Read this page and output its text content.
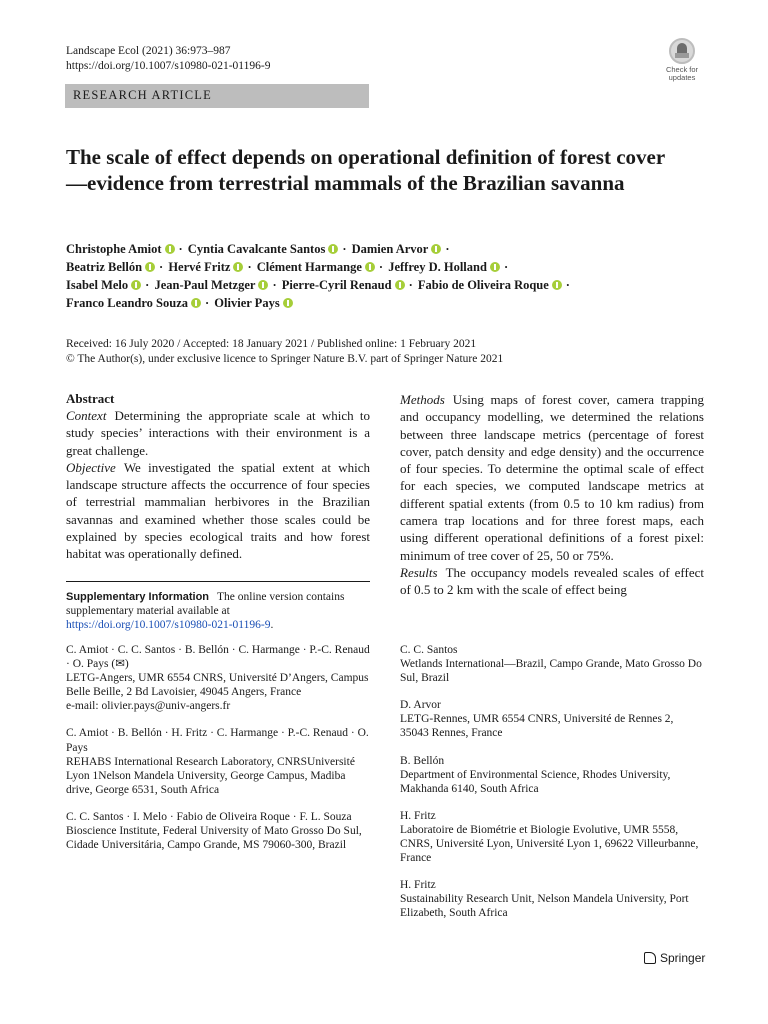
Landscape Ecol (2021) 36:973–987
https://doi.org/10.1007/s10980-021-01196-9	Check for updates
RESEARCH ARTICLE
The scale of effect depends on operational definition of forest cover—evidence from terrestrial mammals of the Brazilian savanna
Christophe Amiot · Cyntia Cavalcante Santos · Damien Arvor ·
Beatriz Bellón · Hervé Fritz · Clément Harmange · Jeffrey D. Holland ·
Isabel Melo · Jean-Paul Metzger · Pierre-Cyril Renaud · Fabio de Oliveira Roque ·
Franco Leandro Souza · Olivier Pays
Received: 16 July 2020 / Accepted: 18 January 2021 / Published online: 1 February 2021
© The Author(s), under exclusive licence to Springer Nature B.V. part of Springer Nature 2021
Abstract

Context Determining the appropriate scale at which to study species’ interactions with their environment is a great challenge.

Objective We investigated the spatial extent at which landscape structure affects the occurrence of four species of terrestrial mammalian herbivores in the Brazilian savannas and examined whether those scales could be explained by species ecological traits and how forest habitat was operationally defined.

Methods Using maps of forest cover, camera trapping and occupancy modelling, we determined the relations between three landscape metrics (percentage of forest cover, patch density and edge density) and the occurrence of four species. To determine the optimal scale of effect for each species, we computed landscape metrics at different spatial extents (from 0.5 to 10 km radius) from camera trap locations and for three forest maps, each using different operational definitions of a forest pixel: minimum of tree cover of 25, 50 or 75%.

Results The occupancy models revealed scales of effect of 0.5 to 2 km with the scale of effect being

Supplementary Information The online version contains supplementary material available at https://doi.org/10.1007/s10980-021-01196-9.
C. Amiot · C. C. Santos · B. Bellón · C. Harmange · P.-C. Renaud · O. Pays (✉)
LETG-Angers, UMR 6554 CNRS, Université D’Angers, Campus Belle Beille, 2 Bd Lavoisier, 49045 Angers, France
e-mail: olivier.pays@univ-angers.fr
C. Amiot · B. Bellón · H. Fritz · C. Harmange · P.-C. Renaud · O. Pays
REHABS International Research Laboratory, CNRSUniversité Lyon 1Nelson Mandela University, George Campus, Madiba drive, George 6531, South Africa
C. C. Santos · I. Melo · Fabio de Oliveira Roque · F. L. Souza
Bioscience Institute, Federal University of Mato Grosso Do Sul, Cidade Universitária, Campo Grande, MS 79060-300, Brazil
C. C. Santos
Wetlands International—Brazil, Campo Grande, Mato Grosso Do Sul, Brazil
D. Arvor
LETG-Rennes, UMR 6554 CNRS, Université de Rennes 2, 35043 Rennes, France
B. Bellón
Department of Environmental Science, Rhodes University, Makhanda 6140, South Africa
H. Fritz
Laboratoire de Biométrie et Biologie Evolutive, UMR 5558, CNRS, Université Lyon, Université Lyon 1, 69622 Villeurbanne, France
H. Fritz
Sustainability Research Unit, Nelson Mandela University, Port Elizabeth, South Africa
Springer
